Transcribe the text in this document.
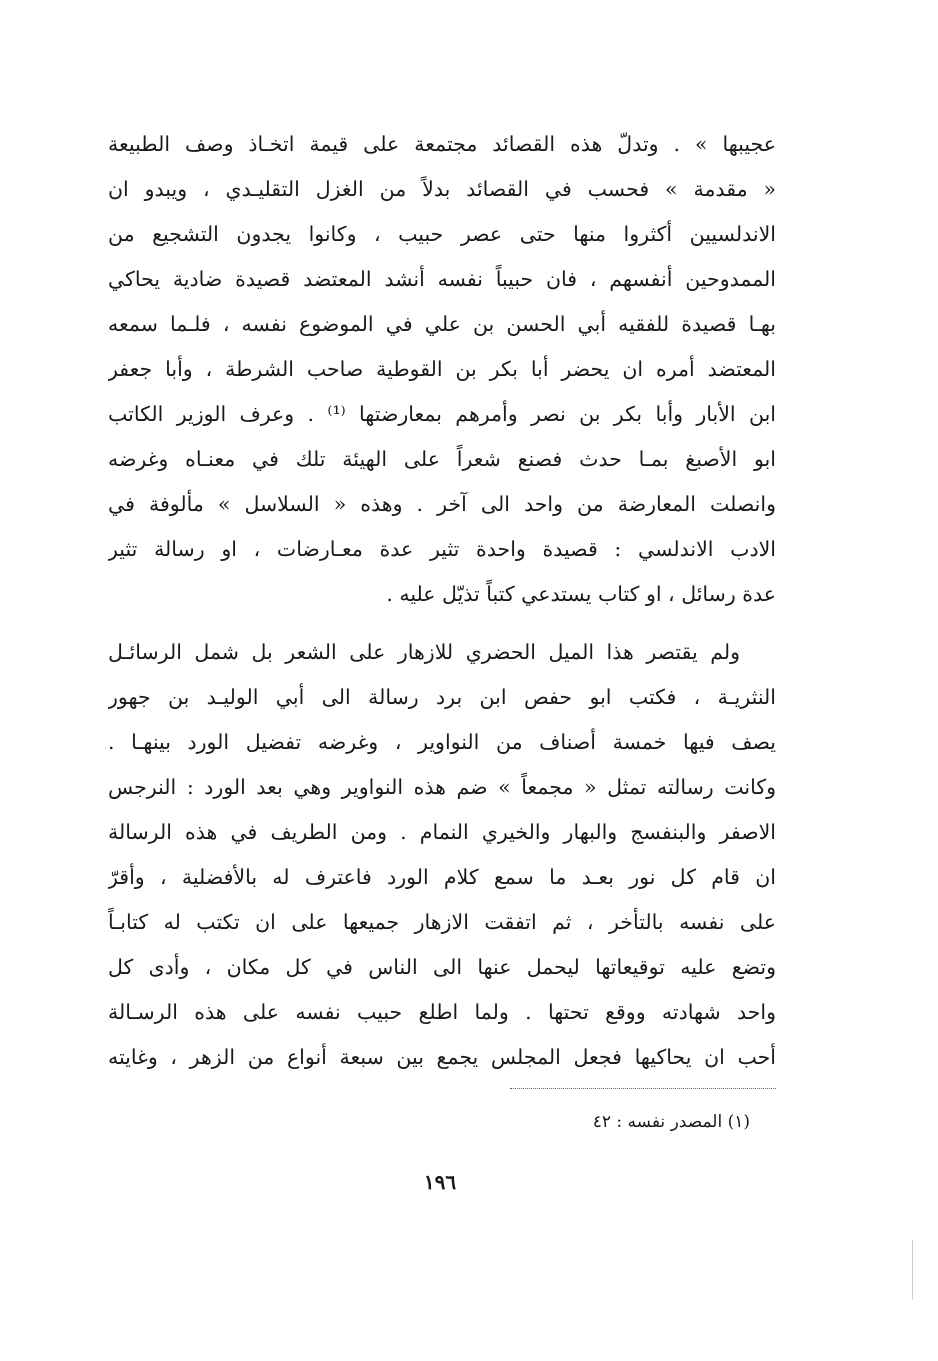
عجيبها » . وتدلّ هذه القصائد مجتمعة على قيمة اتخـاذ وصف الطبيعة
« مقدمة » فحسب في القصائد بدلاً من الغزل التقليـدي ، ويبدو ان
الاندلسيين أكثروا منها حتى عصر حبيب ، وكانوا يجدون التشجيع من
الممدوحين أنفسهم ، فان حبيباً نفسه أنشد المعتضد قصيدة ضادية يحاكي
بهـا قصيدة للفقيه أبي الحسن بن علي في الموضوع نفسه ، فلـما سمعه
المعتضد أمره ان يحضر أبا بكر بن القوطية صاحب الشرطة ، وأبا جعفر
ابن الأبار وأبا بكر بن نصر وأمرهم بمعارضتها ⁽¹⁾ . وعرف الوزير الكاتب
ابو الأصبغ بمـا حدث فصنع شعراً على الهيئة تلك في معنـاه وغرضه
وانصلت المعارضة من واحد الى آخر . وهذه « السلاسل » مألوفة في
الادب الاندلسي : قصيدة واحدة تثير عدة معـارضات ، او رسالة تثير
عدة رسائل ، او كتاب يستدعي كتباً تذيّل عليه .
ولم يقتصر هذا الميل الحضري للازهار على الشعر بل شمل الرسائـل
النثريـة ، فكتب ابو حفص ابن برد رسالة الى أبي الوليـد بن جهور
يصف فيها خمسة أصناف من النواوير ، وغرضه تفضيل الورد بينهـا .
وكانت رسالته تمثل « مجمعاً » ضم هذه النواوير وهي بعد الورد : النرجس
الاصفر والبنفسج والبهار والخيري النمام . ومن الطريف في هذه الرسالة
ان قام كل نور بعـد ما سمع كلام الورد فاعترف له بالأفضلية ، وأقرّ
على نفسه بالتأخر ، ثم اتفقت الازهار جميعها على ان تكتب له كتابـاً
وتضع عليه توقيعاتها ليحمل عنها الى الناس في كل مكان ، وأدى كل
واحد شهادته ووقع تحتها . ولما اطلع حبيب نفسه على هذه الرسـالة
أحب ان يحاكيها فجعل المجلس يجمع بين سبعة أنواع من الزهر ، وغايته
(١) المصدر نفسه : ٤٢
١٩٦
